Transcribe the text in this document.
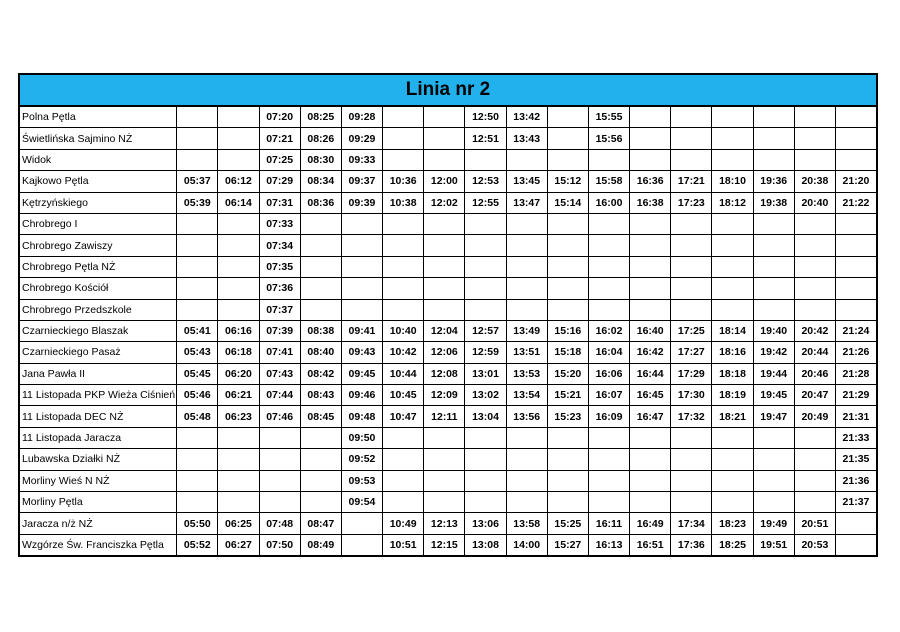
Linia nr 2																	
Polna Pętla			07:20	08:25	09:28			12:50	13:42		15:55						
Świetlińska Sajmino NŻ			07:21	08:26	09:29			12:51	13:43		15:56						
Widok			07:25	08:30	09:33												
Kajkowo Pętla	05:37	06:12	07:29	08:34	09:37	10:36	12:00	12:53	13:45	15:12	15:58	16:36	17:21	18:10	19:36	20:38	21:20
Kętrzyńskiego	05:39	06:14	07:31	08:36	09:39	10:38	12:02	12:55	13:47	15:14	16:00	16:38	17:23	18:12	19:38	20:40	21:22
Chrobrego I			07:33														
Chrobrego Zawiszy			07:34														
Chrobrego Pętla NŻ			07:35														
Chrobrego Kościół			07:36														
Chrobrego Przedszkole			07:37														
Czarnieckiego Blaszak	05:41	06:16	07:39	08:38	09:41	10:40	12:04	12:57	13:49	15:16	16:02	16:40	17:25	18:14	19:40	20:42	21:24
Czarnieckiego Pasaż	05:43	06:18	07:41	08:40	09:43	10:42	12:06	12:59	13:51	15:18	16:04	16:42	17:27	18:16	19:42	20:44	21:26
Jana Pawła II	05:45	06:20	07:43	08:42	09:45	10:44	12:08	13:01	13:53	15:20	16:06	16:44	17:29	18:18	19:44	20:46	21:28
11 Listopada PKP Wieża Ciśnień	05:46	06:21	07:44	08:43	09:46	10:45	12:09	13:02	13:54	15:21	16:07	16:45	17:30	18:19	19:45	20:47	21:29
11 Listopada DEC NŻ	05:48	06:23	07:46	08:45	09:48	10:47	12:11	13:04	13:56	15:23	16:09	16:47	17:32	18:21	19:47	20:49	21:31
11 Listopada Jaracza					09:50												21:33
Lubawska Działki NŻ					09:52												21:35
Morliny Wieś N NŻ					09:53												21:36
Morliny Pętla					09:54												21:37
Jaracza n/ż NŻ	05:50	06:25	07:48	08:47		10:49	12:13	13:06	13:58	15:25	16:11	16:49	17:34	18:23	19:49	20:51	
Wzgórze Św. Franciszka Pętla	05:52	06:27	07:50	08:49		10:51	12:15	13:08	14:00	15:27	16:13	16:51	17:36	18:25	19:51	20:53	
